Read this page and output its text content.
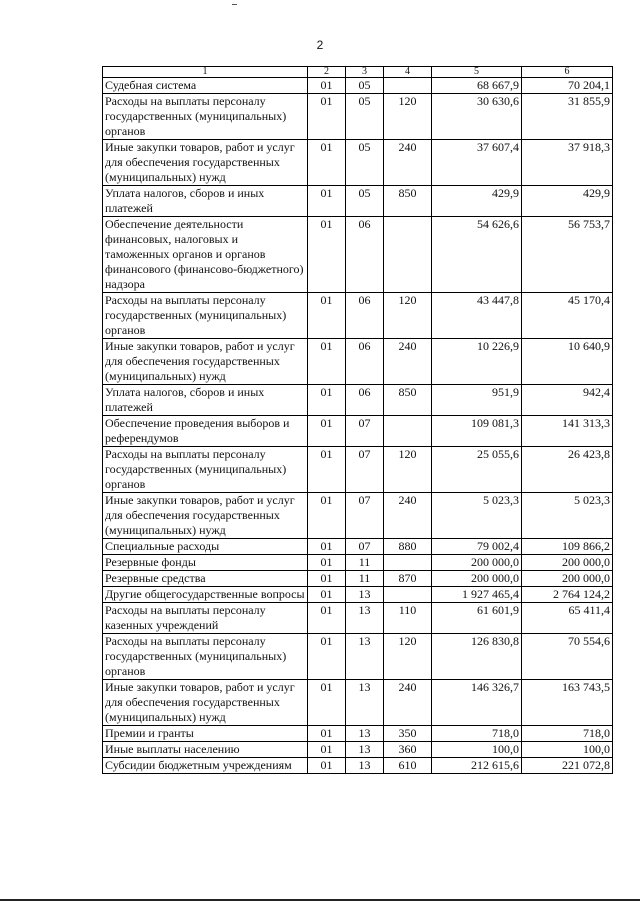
2
1	2	3	4	5	6
Судебная система	01	05		68 667,9	70 204,1
Расходы на выплаты персоналу государственных (муниципальных) органов	01	05	120	30 630,6	31 855,9
Иные закупки товаров, работ и услуг для обеспечения государственных (муниципальных) нужд	01	05	240	37 607,4	37 918,3
Уплата налогов, сборов и иных платежей	01	05	850	429,9	429,9
Обеспечение деятельности финансовых, налоговых и таможенных органов и органов финансового (финансово-бюджетного) надзора	01	06		54 626,6	56 753,7
Расходы на выплаты персоналу государственных (муниципальных) органов	01	06	120	43 447,8	45 170,4
Иные закупки товаров, работ и услуг для обеспечения государственных (муниципальных) нужд	01	06	240	10 226,9	10 640,9
Уплата налогов, сборов и иных платежей	01	06	850	951,9	942,4
Обеспечение проведения выборов и референдумов	01	07		109 081,3	141 313,3
Расходы на выплаты персоналу государственных (муниципальных) органов	01	07	120	25 055,6	26 423,8
Иные закупки товаров, работ и услуг для обеспечения государственных (муниципальных) нужд	01	07	240	5 023,3	5 023,3
Специальные расходы	01	07	880	79 002,4	109 866,2
Резервные фонды	01	11		200 000,0	200 000,0
Резервные средства	01	11	870	200 000,0	200 000,0
Другие общегосударственные вопросы	01	13		1 927 465,4	2 764 124,2
Расходы на выплаты персоналу казенных учреждений	01	13	110	61 601,9	65 411,4
Расходы на выплаты персоналу государственных (муниципальных) органов	01	13	120	126 830,8	70 554,6
Иные закупки товаров, работ и услуг для обеспечения государственных (муниципальных) нужд	01	13	240	146 326,7	163 743,5
Премии и гранты	01	13	350	718,0	718,0
Иные выплаты населению	01	13	360	100,0	100,0
Субсидии бюджетным учреждениям	01	13	610	212 615,6	221 072,8
